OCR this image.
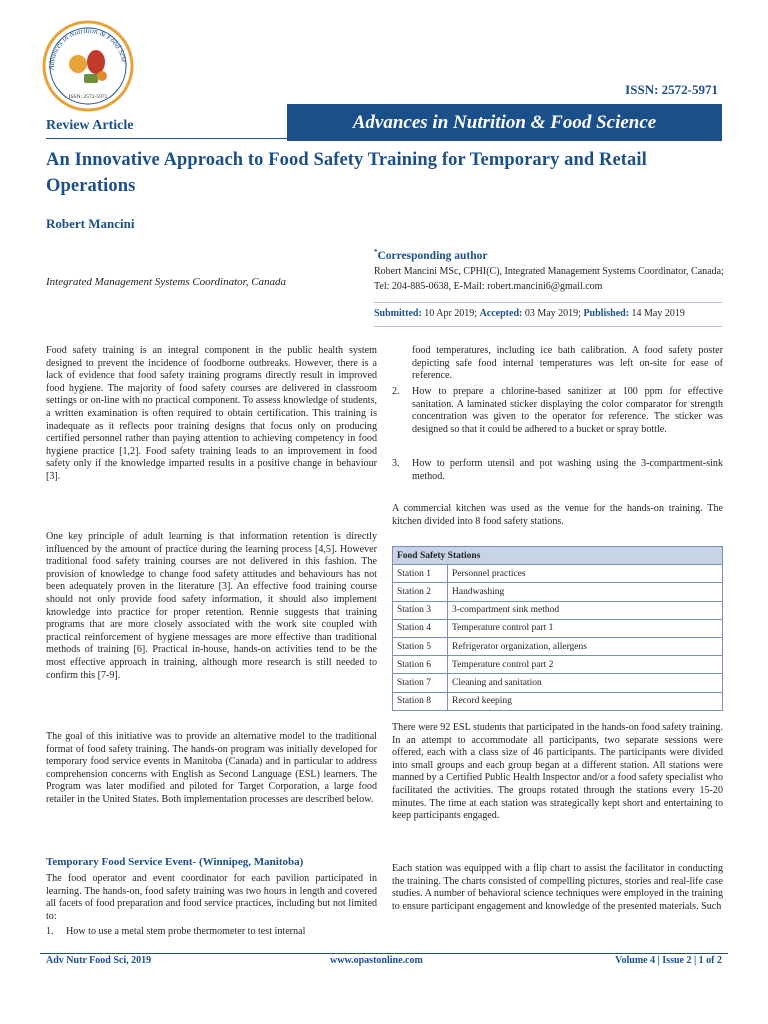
Advances in Nutrition & Food Scie
ISSN: 2572-5971	ISSN: 2572-5971
Review Article	Advances in Nutrition & Food Science
An Innovative Approach to Food Safety Training for Temporary and Retail Operations
Robert Mancini
Integrated Management Systems Coordinator, Canada
*Corresponding author
Robert Mancini MSc, CPHI(C), Integrated Management Systems Coordinator, Canada; Tel: 204-885-0638, E-Mail: robert.mancini6@gmail.com
Submitted: 10 Apr 2019; Accepted: 03 May 2019; Published: 14 May 2019
Food safety training is an integral component in the public health system designed to prevent the incidence of foodborne outbreaks. However, there is a lack of evidence that food safety training programs directly result in improved food hygiene. The majority of food safety courses are delivered in classroom settings or on-line with no practical component. To assess knowledge of students, a written examination is often required to obtain certification. This training is inadequate as it reflects poor training designs that focus only on producing certified personnel rather than paying attention to achieving competency in food hygiene practice [1,2]. Food safety training leads to an improvement in food safety only if the knowledge imparted results in a positive change in behaviour [3].
One key principle of adult learning is that information retention is directly influenced by the amount of practice during the learning process [4,5]. However traditional food safety training courses are not delivered in this fashion. The provision of knowledge to change food safety attitudes and behaviours has not been adequately proven in the literature [3]. An effective food training course should not only provide food safety information, it should also implement knowledge into practice for proper retention. Rennie suggests that training programs that are more closely associated with the work site coupled with practical reinforcement of hygiene messages are more effective than traditional methods of training [6]. Practical in-house, hands-on activities tend to be the most effective approach in training, although more research is still needed to confirm this [7-9].
The goal of this initiative was to provide an alternative model to the traditional format of food safety training. The hands-on program was initially developed for temporary food service events in Manitoba (Canada) and in particular to address comprehension concerns with English as Second Language (ESL) learners. The Program was later modified and piloted for Target Corporation, a large food retailer in the United States. Both implementation processes are described below.
Temporary Food Service Event- (Winnipeg, Manitoba)
The food operator and event coordinator for each pavilion participated in learning. The hands-on, food safety training was two hours in length and covered all facets of food preparation and food service practices, including but not limited to:
1.	How to use a metal stem probe thermometer to test internal
food temperatures, including ice bath calibration. A food safety poster depicting safe food internal temperatures was left on-site for ease of reference.
2.	How to prepare a chlorine-based sanitizer at 100 ppm for effective sanitation. A laminated sticker displaying the color comparator for strength concentration was given to the operator for reference. The sticker was designed so that it could be adhered to a bucket or spray bottle.
3.	How to perform utensil and pot washing using the 3-compartment-sink method.
A commercial kitchen was used as the venue for the hands-on training. The kitchen divided into 8 food safety stations.
Food Safety Stations	
Station 1	Personnel practices
Station 2	Handwashing
Station 3	3-compartment sink method
Station 4	Temperature control part 1
Station 5	Refrigerator organization, allergens
Station 6	Temperature control part 2
Station 7	Cleaning and sanitation
Station 8	Record keeping
There were 92 ESL students that participated in the hands-on food safety training. In an attempt to accommodate all participants, two separate sessions were offered, each with a class size of 46 participants. The participants were divided into small groups and each group began at a different station. All stations were manned by a Certified Public Health Inspector and/or a food safety specialist who facilitated the activities. The groups rotated through the stations every 15-20 minutes. The time at each station was strategically kept short and entertaining to keep participants engaged.
Each station was equipped with a flip chart to assist the facilitator in conducting the training. The charts consisted of compelling pictures, stories and real-life case studies. A number of behavioral science techniques were employed in the training to ensure participant engagement and knowledge of the presented materials. Such
Adv Nutr Food Sci, 2019	www.opastonline.com	Volume 4 | Issue 2 | 1 of 2
